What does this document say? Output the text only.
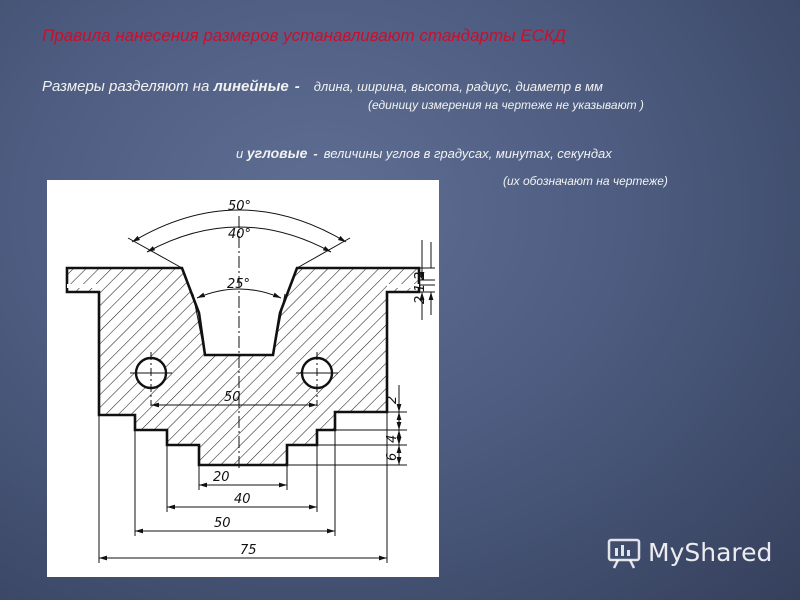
Правила нанесения размеров устанавливают стандарты ЕСКД
Размеры разделяют на линейные - длина, ширина, высота, радиус, диаметр в мм
(единицу измерения на чертеже не указывают )
и угловые - величины углов в градусах, минутах, секундах
(их обозначают на чертеже)
50°
40°
25°
50
20
40
50
75
2
1
2
2
4
6
MyShared
